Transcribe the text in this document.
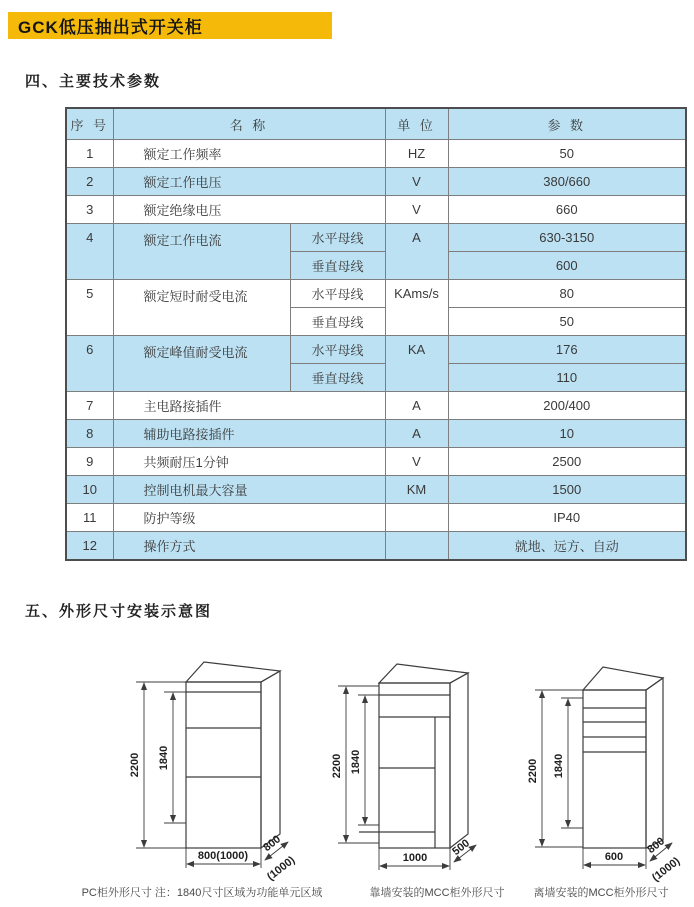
GCK低压抽出式开关柜
四、主要技术参数
序 号	名 称		单 位	参 数
1	额定工作频率		HZ	50
2	额定工作电压		V	380/660
3	额定绝缘电压		V	660
4	额定工作电流	水平母线	A	630-3150
		垂直母线		600
5	额定短时耐受电流	水平母线	KAms/s	80
		垂直母线		50
6	额定峰值耐受电流	水平母线	KA	176
		垂直母线		110
7	主电路接插件		A	200/400
8	辅助电路接插件		A	10
9	共频耐压1分钟		V	2500
10	控制电机最大容量		KM	1500
11	防护等级			IP40
12	操作方式			就地、远方、自动
五、外形尺寸安装示意图
2200 1840
800(1000)
800
(1000)
2200 1840
1000 500
2200 1840
600
800
(1000)
PC柜外形尺寸 注：1840尺寸区域为功能单元区域	靠墙安装的MCC柜外形尺寸	离墙安装的MCC柜外形尺寸
